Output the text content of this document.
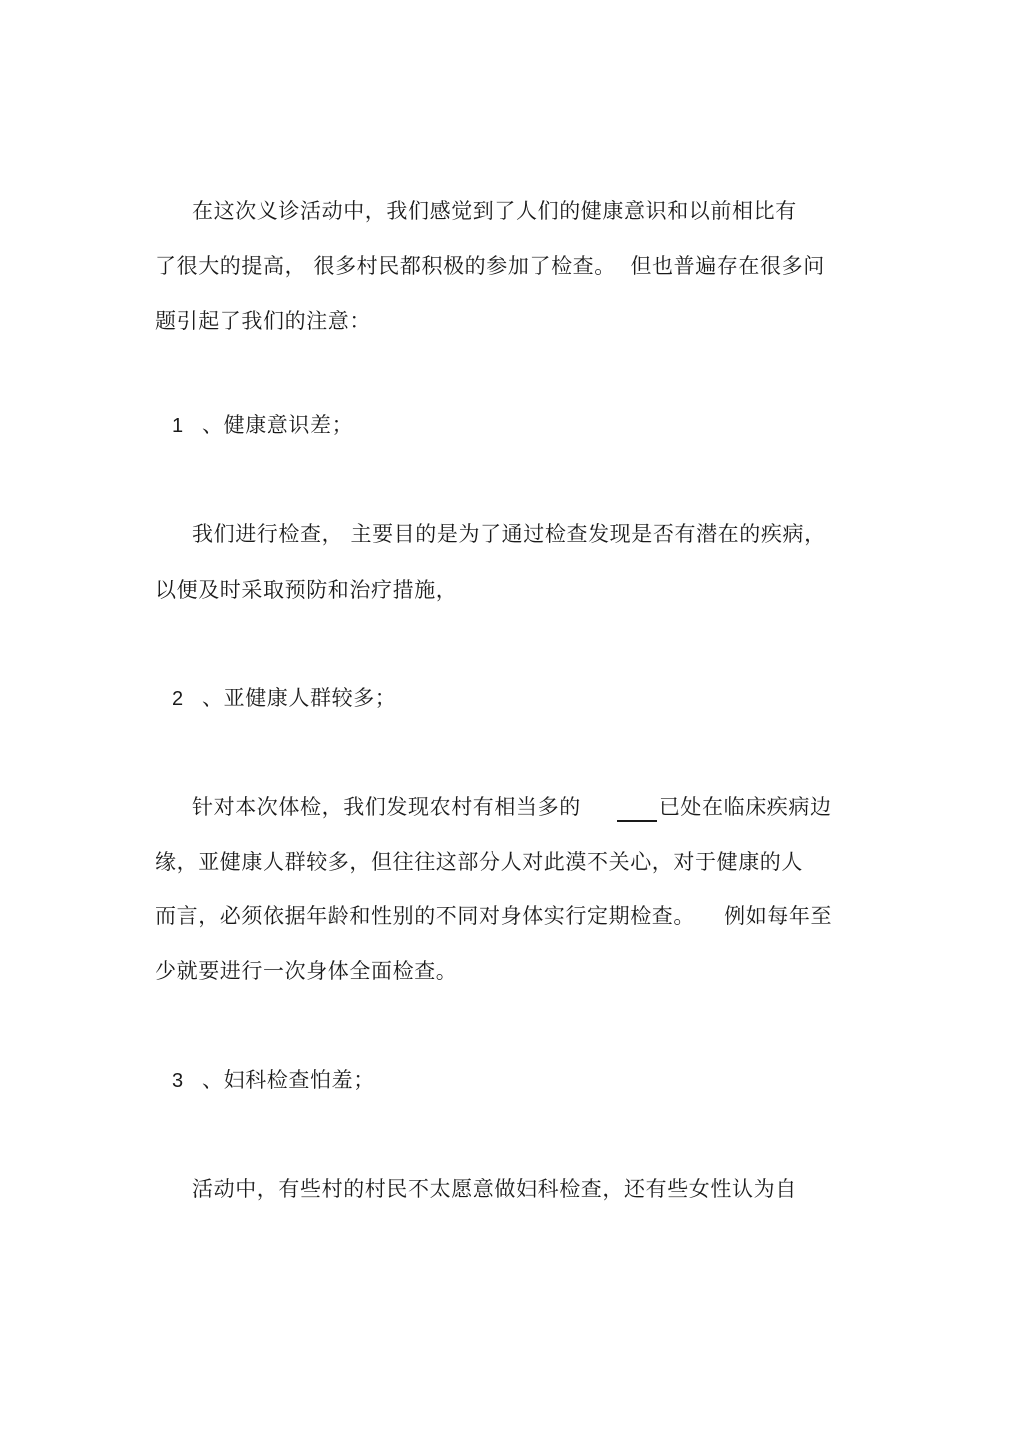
在这次义诊活动中，我们感觉到了人们的健康意识和以前相比有
了很大的提高， 很多村民都积极的参加了检查。  但也普遍存在很多问
题引起了我们的注意：
1 、健康意识差；
我们进行检查， 主要目的是为了通过检查发现是否有潜在的疾病，
以便及时采取预防和治疗措施，
2 、亚健康人群较多；
针对本次体检，我们发现农村有相当多的	已处在临床疾病边
缘，亚健康人群较多，但往往这部分人对此漠不关心，对于健康的人
而言，必须依据年龄和性别的不同对身体实行定期检查。    例如每年至
少就要进行一次身体全面检查。
3 、妇科检查怕羞；
活动中，有些村的村民不太愿意做妇科检查，还有些女性认为自
